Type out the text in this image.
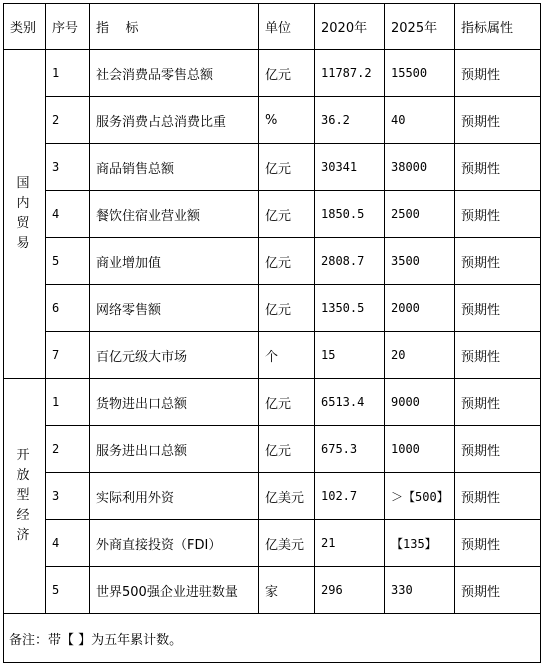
类别	序号	指    标	单位	2020年	2025年	指标属性
国内贸易	1	社会消费品零售总额	亿元	11787.2	15500	预期性
	2	服务消费占总消费比重	%	36.2	40	预期性
	3	商品销售总额	亿元	30341	38000	预期性
	4	餐饮住宿业营业额	亿元	1850.5	2500	预期性
	5	商业增加值	亿元	2808.7	3500	预期性
	6	网络零售额	亿元	1350.5	2000	预期性
	7	百亿元级大市场	个	15	20	预期性
开放型经济	1	货物进出口总额	亿元	6513.4	9000	预期性
	2	服务进出口总额	亿元	675.3	1000	预期性
	3	实际利用外资	亿美元	102.7	＞【500】	预期性
	4	外商直接投资（FDI）	亿美元	21	【135】	预期性
	5	世界500强企业进驻数量	家	296	330	预期性
备注：带【 】为五年累计数。						
